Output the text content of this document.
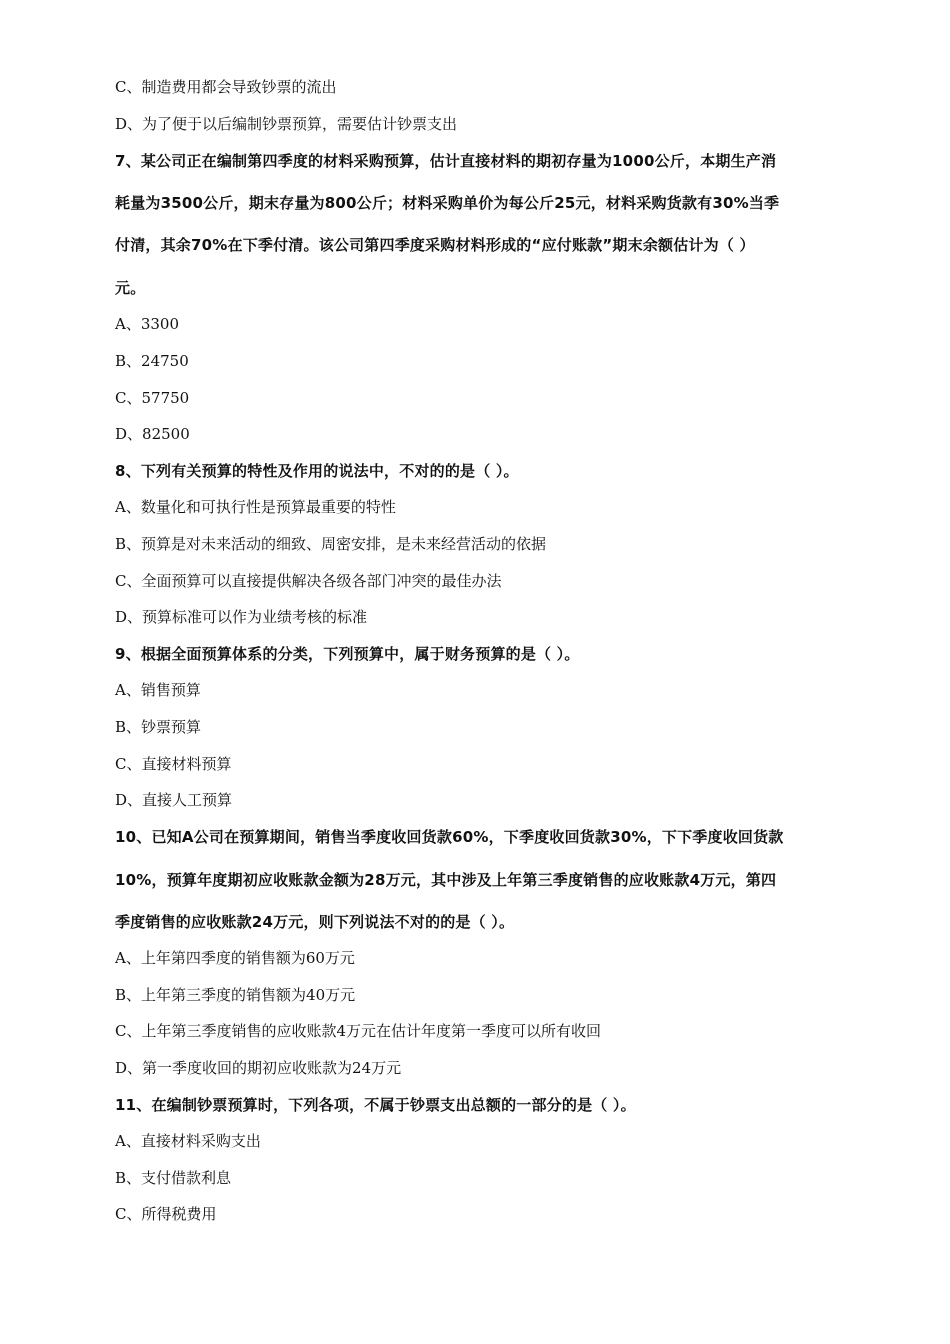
C、制造费用都会导致钞票的流出
D、为了便于以后编制钞票预算，需要估计钞票支出
7、某公司正在编制第四季度的材料采购预算，估计直接材料的期初存量为1000公斤，本期生产消
耗量为3500公斤，期末存量为800公斤；材料采购单价为每公斤25元，材料采购货款有30%当季
付清，其余70%在下季付清。该公司第四季度采购材料形成的“应付账款”期末余额估计为（ ）
元。
A、3300
B、24750
C、57750
D、82500
8、下列有关预算的特性及作用的说法中，不对的的是（ ）。
A、数量化和可执行性是预算最重要的特性
B、预算是对未来活动的细致、周密安排，是未来经营活动的依据
C、全面预算可以直接提供解决各级各部门冲突的最佳办法
D、预算标准可以作为业绩考核的标准
9、根据全面预算体系的分类，下列预算中，属于财务预算的是（ ）。
A、销售预算
B、钞票预算
C、直接材料预算
D、直接人工预算
10、已知A公司在预算期间，销售当季度收回货款60%，下季度收回货款30%，下下季度收回货款
10%，预算年度期初应收账款金额为28万元，其中涉及上年第三季度销售的应收账款4万元，第四
季度销售的应收账款24万元，则下列说法不对的的是（ ）。
A、上年第四季度的销售额为60万元
B、上年第三季度的销售额为40万元
C、上年第三季度销售的应收账款4万元在估计年度第一季度可以所有收回
D、第一季度收回的期初应收账款为24万元
11、在编制钞票预算时，下列各项，不属于钞票支出总额的一部分的是（ ）。
A、直接材料采购支出
B、支付借款利息
C、所得税费用
